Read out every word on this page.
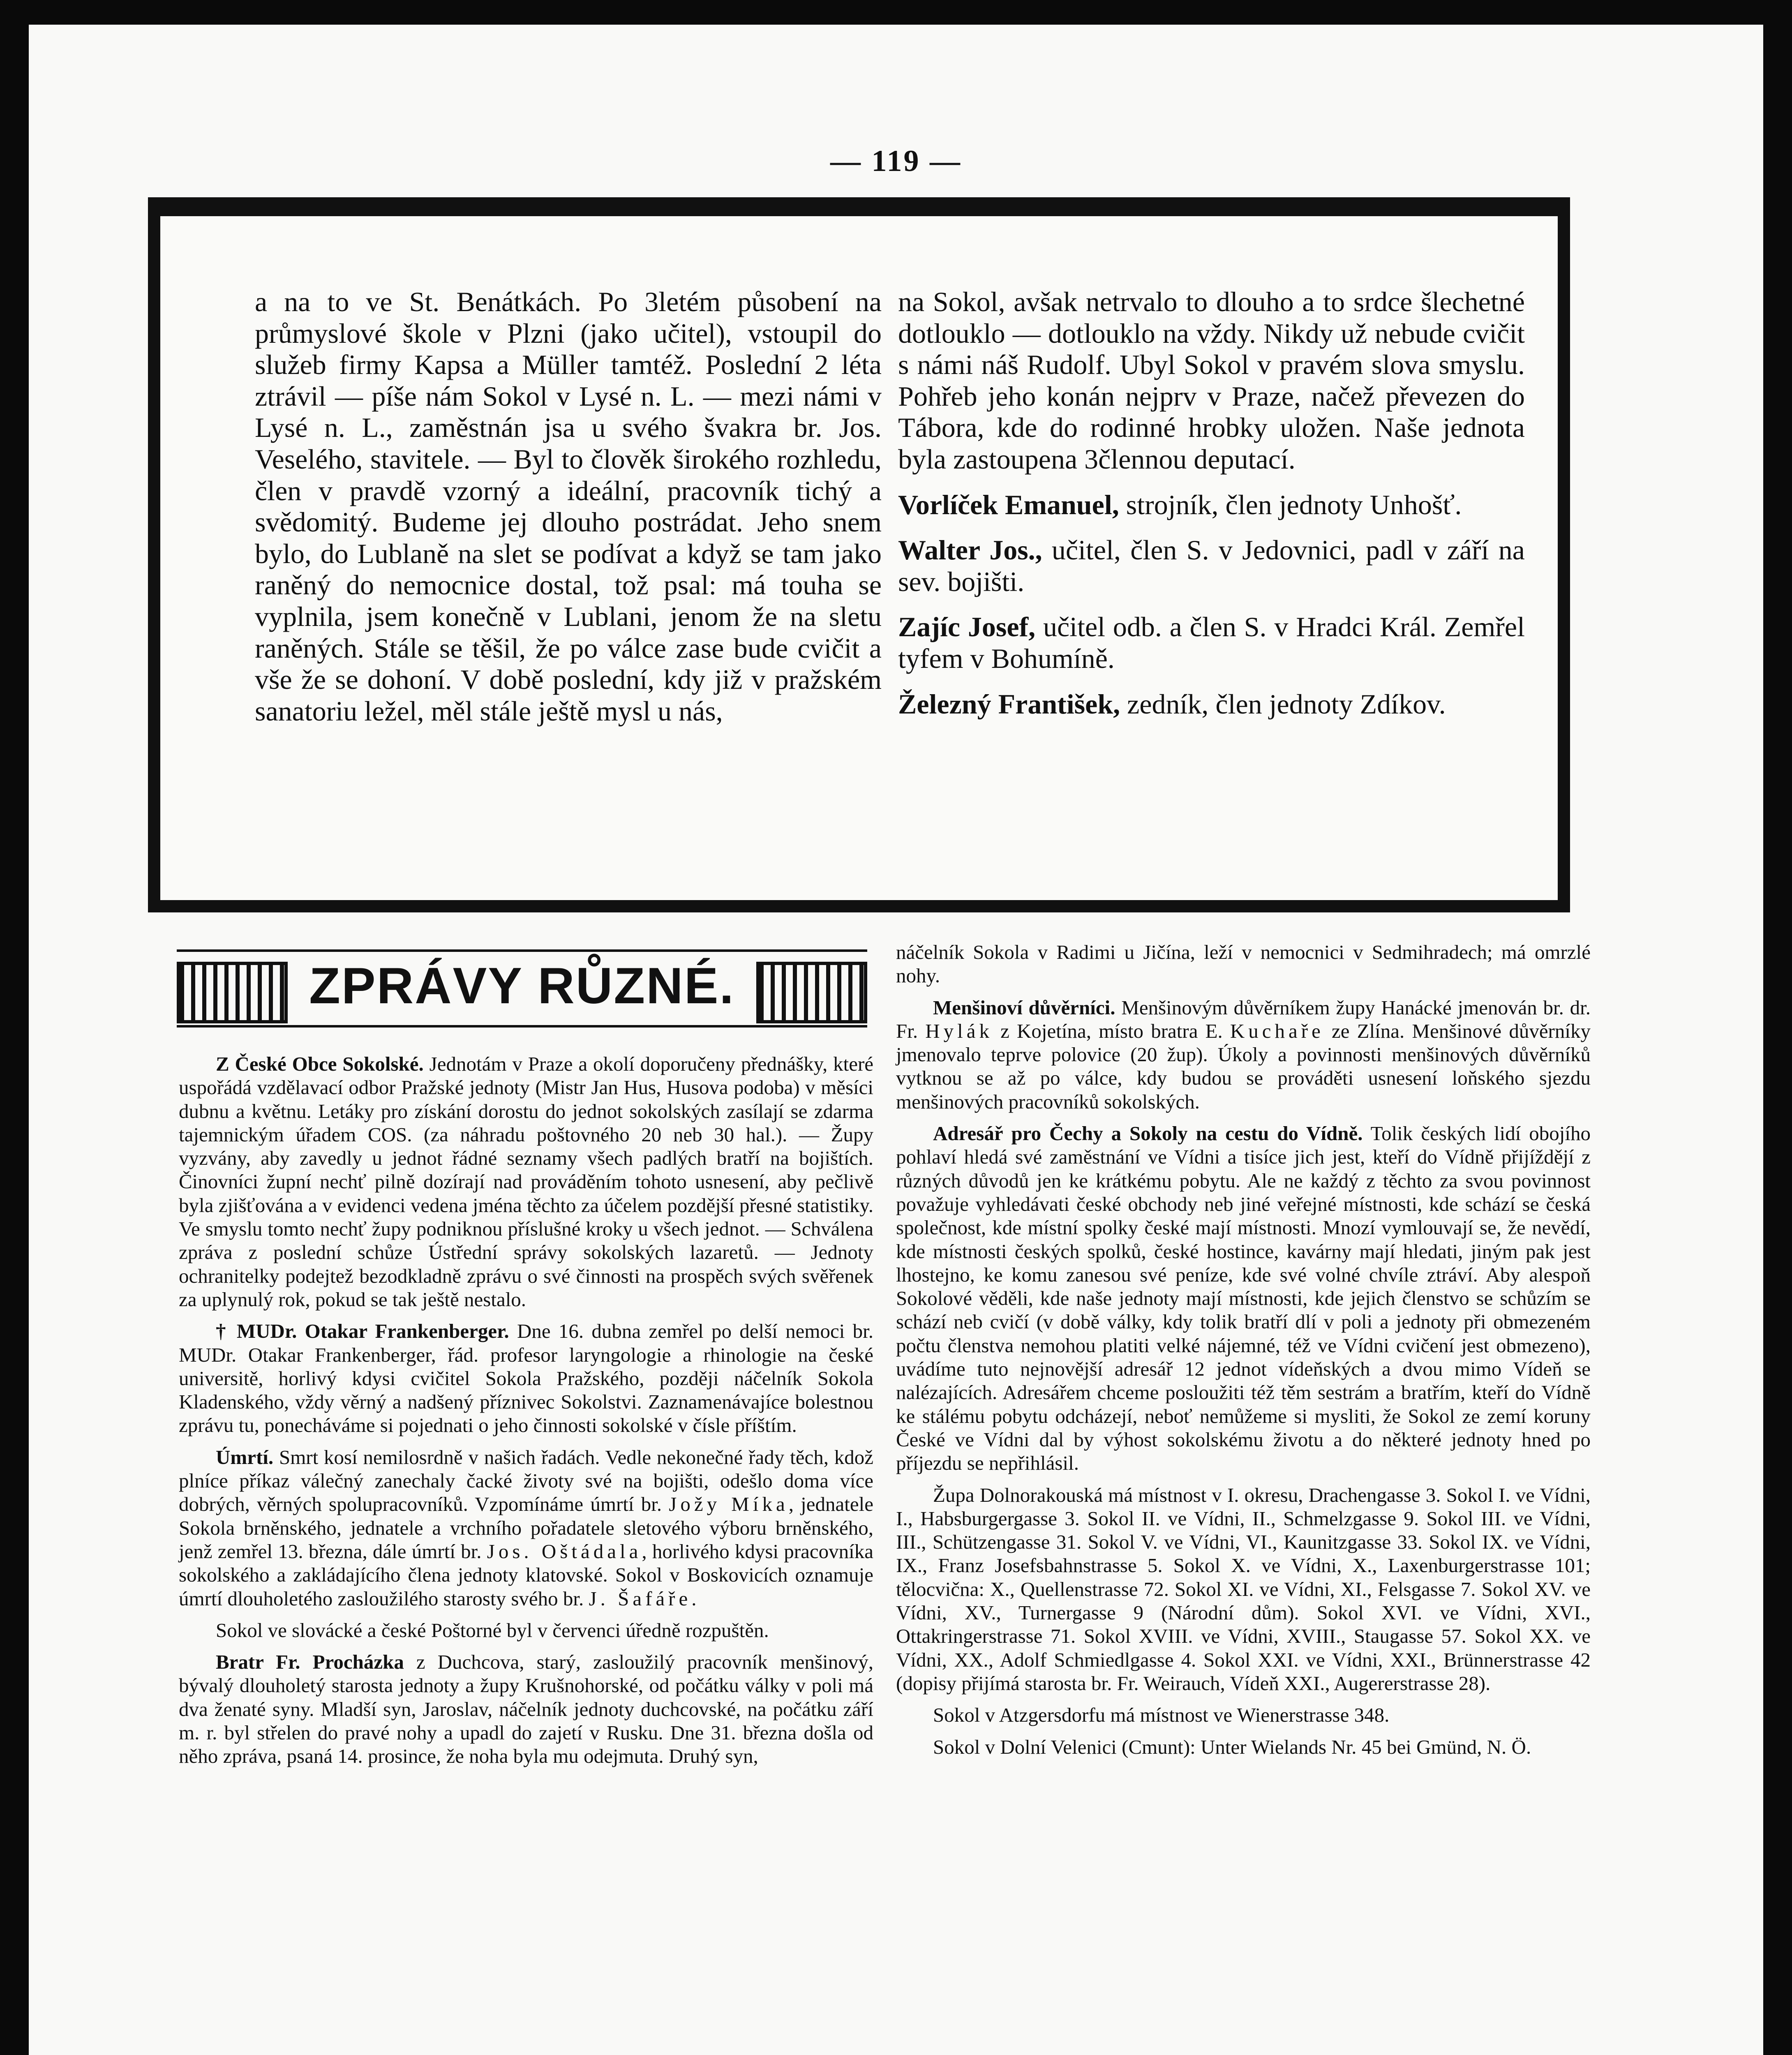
— 119 —

a na to ve St. Benátkách. Po 3letém působení na průmyslové škole v Plzni (jako učitel), vstoupil do služeb firmy Kapsa a Müller tamtéž. Poslední 2 léta ztrávil — píše nám Sokol v Lysé n. L. — mezi námi v Lysé n. L., zaměstnán jsa u svého švakra br. Jos. Veselého, stavitele. — Byl to člověk širokého rozhledu, člen v pravdě vzorný a ideální, pracovník tichý a svědomitý. Budeme jej dlouho postrádat. Jeho snem bylo, do Lublaně na slet se podívat a když se tam jako raněný do nemocnice dostal, tož psal: má touha se vyplnila, jsem konečně v Lublani, jenom že na sletu raněných. Stále se těšil, že po válce zase bude cvičit a vše že se dohoní. V době poslední, kdy již v pražském sanatoriu ležel, měl stále ještě mysl u nás,

na Sokol, avšak netrvalo to dlouho a to srdce šlechetné dotlouklo — dotlouklo na vždy. Nikdy už nebude cvičit s námi náš Rudolf. Ubyl Sokol v pravém slova smyslu. Pohřeb jeho konán nejprv v Praze, načež převezen do Tábora, kde do rodinné hrobky uložen. Naše jednota byla zastoupena 3člennou deputací.

Vorlíček Emanuel, strojník, člen jednoty Unhošť.

Walter Jos., učitel, člen S. v Jedovnici, padl v září na sev. bojišti.

Zajíc Josef, učitel odb. a člen S. v Hradci Král. Zemřel tyfem v Bohumíně.

Železný František, zedník, člen jednoty Zdíkov.

ZPRÁVY RŮZNÉ.

Z České Obce Sokolské. Jednotám v Praze a okolí doporučeny přednášky, které uspořádá vzdělavací odbor Pražské jednoty (Mistr Jan Hus, Husova podoba) v měsíci dubnu a květnu. Letáky pro získání dorostu do jednot sokolských zasílají se zdarma tajemnickým úřadem COS. (za náhradu poštovného 20 neb 30 hal.). — Župy vyzvány, aby zavedly u jednot řádné seznamy všech padlých bratří na bojištích. Činovníci župní nechť pilně dozírají nad prováděním tohoto usnesení, aby pečlivě byla zjišťována a v evidenci vedena jména těchto za účelem pozdější přesné statistiky. Ve smyslu tomto nechť župy podniknou příslušné kroky u všech jednot. — Schválena zpráva z poslední schůze Ústřední správy sokolských lazaretů. — Jednoty ochranitelky podejtež bezodkladně zprávu o své činnosti na prospěch svých svěřenek za uplynulý rok, pokud se tak ještě nestalo.

† MUDr. Otakar Frankenberger. Dne 16. dubna zemřel po delší nemoci br. MUDr. Otakar Frankenberger, řád. profesor laryngologie a rhinologie na české universitě, horlivý kdysi cvičitel Sokola Pražského, později náčelník Sokola Kladenského, vždy věrný a nadšený příznivec Sokolstvi. Zaznamenávajíce bolestnou zprávu tu, ponecháváme si pojednati o jeho činnosti sokolské v čísle příštím.

Úmrtí. Smrt kosí nemilosrdně v našich řadách. Vedle nekonečné řady těch, kdož plníce příkaz válečný zanechaly čacké životy své na bojišti, odešlo doma více dobrých, věrných spolupracovníků. Vzpomínáme úmrtí br. Jožy Míka, jednatele Sokola brněnského, jednatele a vrchního pořadatele sletového výboru brněnského, jenž zemřel 13. března, dále úmrtí br. Jos. Oštádala, horlivého kdysi pracovníka sokolského a zakládajícího člena jednoty klatovské. Sokol v Boskovicích oznamuje úmrtí dlouholetého zasloužilého starosty svého br. J. Šafáře.

Sokol ve slovácké a české Poštorné byl v červenci úředně rozpuštěn.

Bratr Fr. Procházka z Duchcova, starý, zasloužilý pracovník menšinový, bývalý dlouholetý starosta jednoty a župy Krušnohorské, od počátku války v poli má dva ženaté syny. Mladší syn, Jaroslav, náčelník jednoty duchcovské, na počátku září m. r. byl střelen do pravé nohy a upadl do zajetí v Rusku. Dne 31. března došla od něho zpráva, psaná 14. prosince, že noha byla mu odejmuta. Druhý syn,

náčelník Sokola v Radimi u Jičína, leží v nemocnici v Sedmihradech; má omrzlé nohy.

Menšinoví důvěrníci. Menšinovým důvěrníkem župy Hanácké jmenován br. dr. Fr. Hylák z Kojetína, místo bratra E. Kuchaře ze Zlína. Menšinové důvěrníky jmenovalo teprve polovice (20 žup). Úkoly a povinnosti menšinových důvěrníků vytknou se až po válce, kdy budou se prováděti usnesení loňského sjezdu menšinových pracovníků sokolských.

Adresář pro Čechy a Sokoly na cestu do Vídně. Tolik českých lidí obojího pohlaví hledá své zaměstnání ve Vídni a tisíce jich jest, kteří do Vídně přijíždějí z různých důvodů jen ke krátkému pobytu. Ale ne každý z těchto za svou povinnost považuje vyhledávati české obchody neb jiné veřejné místnosti, kde schází se česká společnost, kde místní spolky české mají místnosti. Mnozí vymlouvají se, že nevědí, kde místnosti českých spolků, české hostince, kavárny mají hledati, jiným pak jest lhostejno, ke komu zanesou své peníze, kde své volné chvíle ztráví. Aby alespoň Sokolové věděli, kde naše jednoty mají místnosti, kde jejich členstvo se schůzím se schází neb cvičí (v době války, kdy tolik bratří dlí v poli a jednoty při obmezeném počtu členstva nemohou platiti velké nájemné, též ve Vídni cvičení jest obmezeno), uvádíme tuto nejnovější adresář 12 jednot vídeňských a dvou mimo Vídeň se nalézajících. Adresářem chceme posloužiti též těm sestrám a bratřím, kteří do Vídně ke stálému pobytu odcházejí, neboť nemůžeme si mysliti, že Sokol ze zemí koruny České ve Vídni dal by výhost sokolskému životu a do některé jednoty hned po příjezdu se nepřihlásil.

Župa Dolnorakouská má místnost v I. okresu, Drachengasse 3. Sokol I. ve Vídni, I., Habsburgergasse 3. Sokol II. ve Vídni, II., Schmelzgasse 9. Sokol III. ve Vídni, III., Schützengasse 31. Sokol V. ve Vídni, VI., Kaunitzgasse 33. Sokol IX. ve Vídni, IX., Franz Josefsbahnstrasse 5. Sokol X. ve Vídni, X., Laxenburgerstrasse 101; tělocvična: X., Quellenstrasse 72. Sokol XI. ve Vídni, XI., Felsgasse 7. Sokol XV. ve Vídni, XV., Turnergasse 9 (Národní dům). Sokol XVI. ve Vídni, XVI., Ottakringerstrasse 71. Sokol XVIII. ve Vídni, XVIII., Staugasse 57. Sokol XX. ve Vídni, XX., Adolf Schmiedlgasse 4. Sokol XXI. ve Vídni, XXI., Brünnerstrasse 42 (dopisy přijímá starosta br. Fr. Weirauch, Vídeň XXI., Augererstrasse 28).

Sokol v Atzgersdorfu má místnost ve Wienerstrasse 348.

Sokol v Dolní Velenici (Cmunt): Unter Wielands Nr. 45 bei Gmünd, N. Ö.
